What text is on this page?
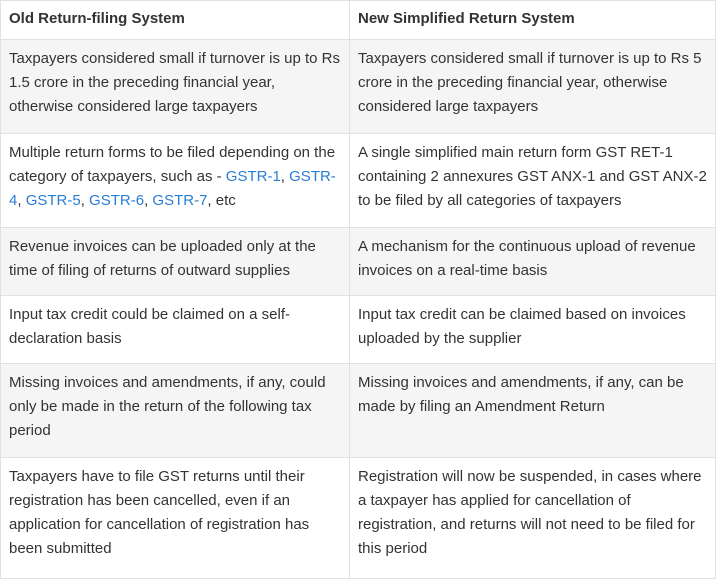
Old Return-filing System	New Simplified Return System
Taxpayers considered small if turnover is up to Rs 1.5 crore in the preceding financial year, otherwise considered large taxpayers	Taxpayers considered small if turnover is up to Rs 5 crore in the preceding financial year, otherwise considered large taxpayers
Multiple return forms to be filed depending on the category of taxpayers, such as - GSTR-1, GSTR-4, GSTR-5, GSTR-6, GSTR-7, etc	A single simplified main return form GST RET-1 containing 2 annexures GST ANX-1 and GST ANX-2 to be filed by all categories of taxpayers
Revenue invoices can be uploaded only at the time of filing of returns of outward supplies	A mechanism for the continuous upload of revenue invoices on a real-time basis
Input tax credit could be claimed on a self-declaration basis	Input tax credit can be claimed based on invoices uploaded by the supplier
Missing invoices and amendments, if any, could only be made in the return of the following tax period	Missing invoices and amendments, if any, can be made by filing an Amendment Return
Taxpayers have to file GST returns until their registration has been cancelled, even if an application for cancellation of registration has been submitted	Registration will now be suspended, in cases where a taxpayer has applied for cancellation of registration, and returns will not need to be filed for this period
